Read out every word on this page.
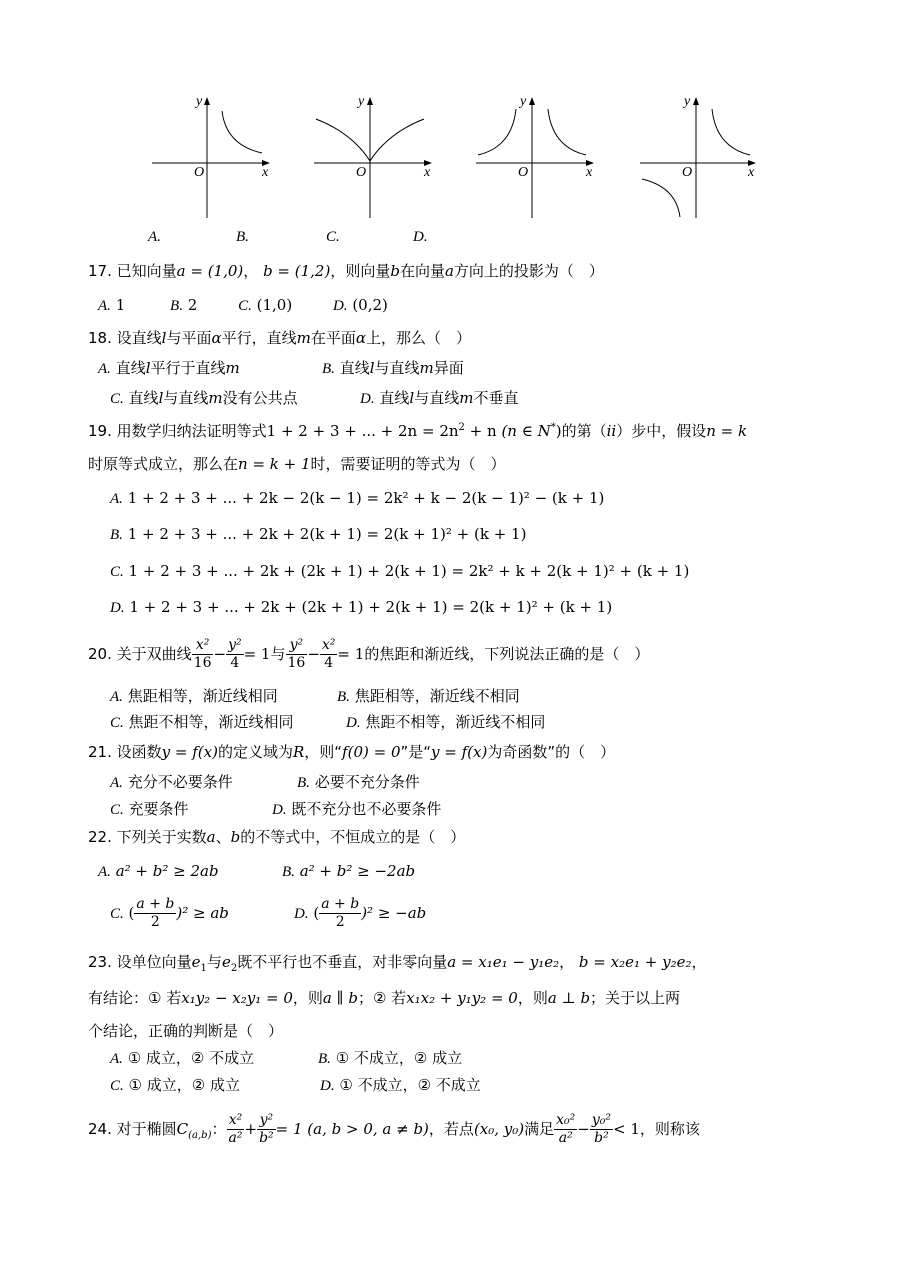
y
O	x
y
O	x
y
O	x
y
O	x
A.	B.	C.	D.
17. 已知向量a = (1,0)， b = (1,2)，则向量b在向量a方向上的投影为（　）
A. 1	B. 2	C. (1,0)	D. (0,2)
18. 设直线l与平面α平行，直线m在平面α上，那么（　）
A. 直线l平行于直线m	B. 直线l与直线m异面
C. 直线l与直线m没有公共点	D. 直线l与直线m不垂直
19. 用数学归纳法证明等式1 + 2 + 3 + ... + $2n = 2n^2 + n$ (n ∈ N*)的第（ii）步中，假设n = k
时原等式成立，那么在n = k + 1时，需要证明的等式为（　）
A. 1 + 2 + 3 + ... + 2k − 2(k − 1) = 2k² + k − 2(k − 1)² − (k + 1)
B. 1 + 2 + 3 + ... + 2k + 2(k + 1) = 2(k + 1)² + (k + 1)
C. 1 + 2 + 3 + ... + 2k + (2k + 1) + 2(k + 1) = 2k² + k + 2(k + 1)² + (k + 1)
D. 1 + 2 + 3 + ... + 2k + (2k + 1) + 2(k + 1) = 2(k + 1)² + (k + 1)
20. 关于双曲线 $\frac{\text{x²}}{16} - \frac{\text{y²}}{4} = 1$与 $\frac{\text{y²}}{16} - \frac{\text{x²}}{4} = 1$的焦距和渐近线，下列说法正确的是（　）
A. 焦距相等，渐近线相同	B. 焦距相等，渐近线不相同
C. 焦距不相等，渐近线相同	D. 焦距不相等，渐近线不相同
21. 设函数y = f(x)的定义域为R，则“f(0) = 0”是“y = f(x)为奇函数”的（　）
A. 充分不必要条件	B. 必要不充分条件
C. 充要条件	D. 既不充分也不必要条件
22. 下列关于实数a、b的不等式中，不恒成立的是（　）
A. a² + b² ≥ 2ab	B. a² + b² ≥ −2ab
C. ( $\frac{a + b}{2} )^2$ ≥ ab	D. ( $\frac{a + b}{2} )^2 \ge -ab$
23. 设单位向量$e_1$与$e_2$既不平行也不垂直，对非零向量a = x₁e₁ − y₁e₂， b = x₂e₁ + y₂e₂，
有结论：① 若x₁y₂ − x₂y₁ = 0，则a ∥ b；② 若x₁x₂ + y₁y₂ = 0，则a ⊥ b；关于以上两
个结论，正确的判断是（　）
A. ① 成立，② 不成立	B. ① 不成立，② 成立
C. ① 成立，② 成立	D. ① 不成立，② 不成立
24. 对于椭圆$C_{(a,b)}$： $\frac{\text{x²}}{\text{a²}} + \frac{\text{y²}}{\text{b²}} = 1$ (a, b > 0, a ≠ b)，若点(x₀, y₀)满足 $\frac{\text{x₀²}}{\text{a²}} - \frac{\text{y₀²}}{\text{b²}} < 1$，则称该
